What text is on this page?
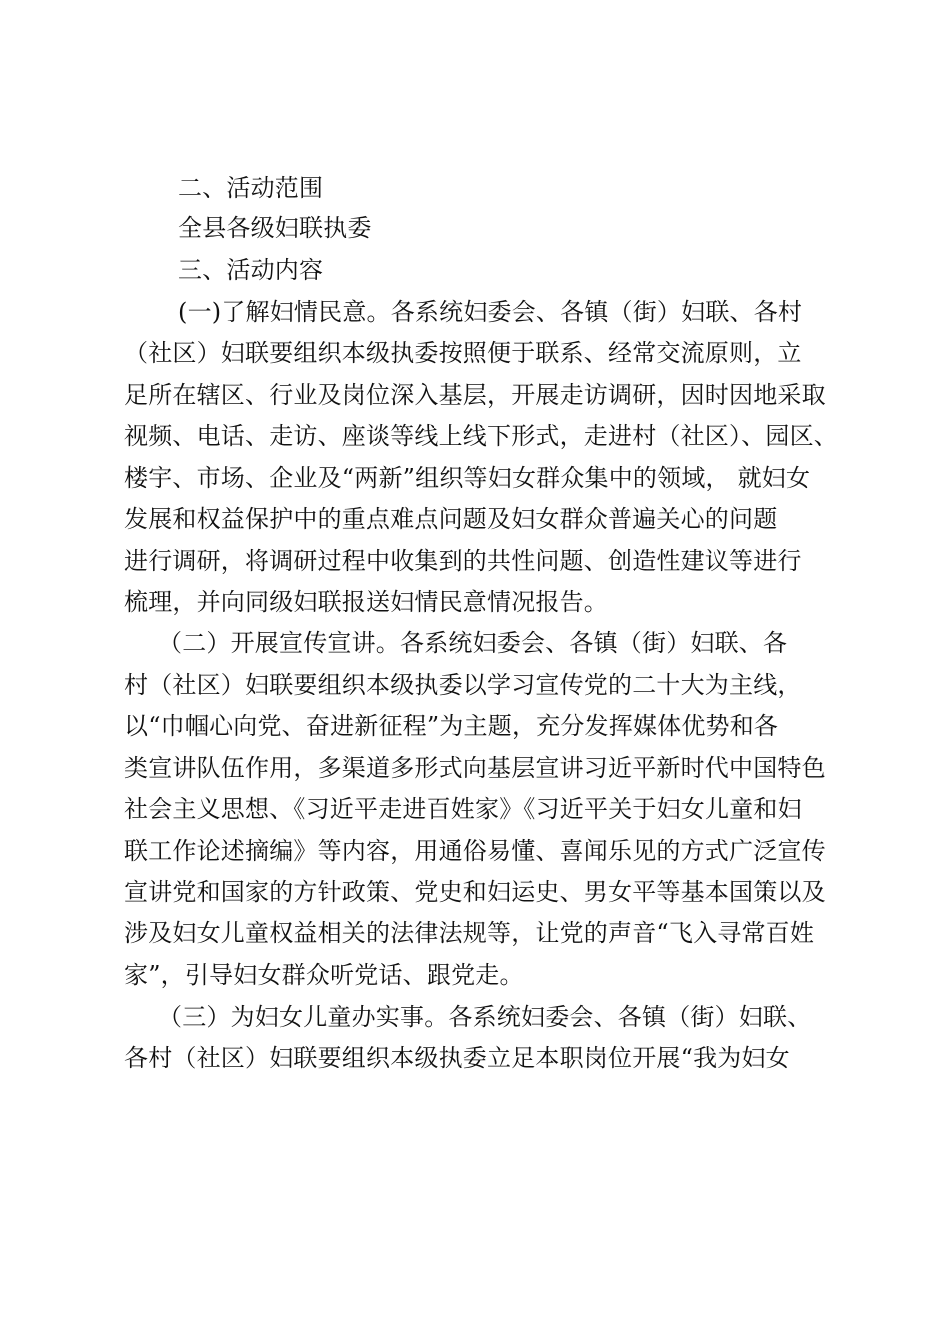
二、活动范围
全县各级妇联执委
三、活动内容
(一)了解妇情民意。各系统妇委会、各镇（街）妇联、各村
（社区）妇联要组织本级执委按照便于联系、经常交流原则，立
足所在辖区、行业及岗位深入基层，开展走访调研，因时因地采取
视频、电话、走访、座谈等线上线下形式，走进村（社区）、园区、
楼宇、市场、企业及“两新”组织等妇女群众集中的领域， 就妇女
发展和权益保护中的重点难点问题及妇女群众普遍关心的问题
进行调研，将调研过程中收集到的共性问题、创造性建议等进行
梳理，并向同级妇联报送妇情民意情况报告。
（二）开展宣传宣讲。各系统妇委会、各镇（街）妇联、各
村（社区）妇联要组织本级执委以学习宣传党的二十大为主线，
以“巾帼心向党、奋进新征程”为主题，充分发挥媒体优势和各
类宣讲队伍作用，多渠道多形式向基层宣讲习近平新时代中国特色
社会主义思想、《习近平走进百姓家》《习近平关于妇女儿童和妇
联工作论述摘编》等内容，用通俗易懂、喜闻乐见的方式广泛宣传
宣讲党和国家的方针政策、党史和妇运史、男女平等基本国策以及
涉及妇女儿童权益相关的法律法规等，让党的声音“飞入寻常百姓
家”，引导妇女群众听党话、跟党走。
（三）为妇女儿童办实事。各系统妇委会、各镇（街）妇联、
各村（社区）妇联要组织本级执委立足本职岗位开展“我为妇女
